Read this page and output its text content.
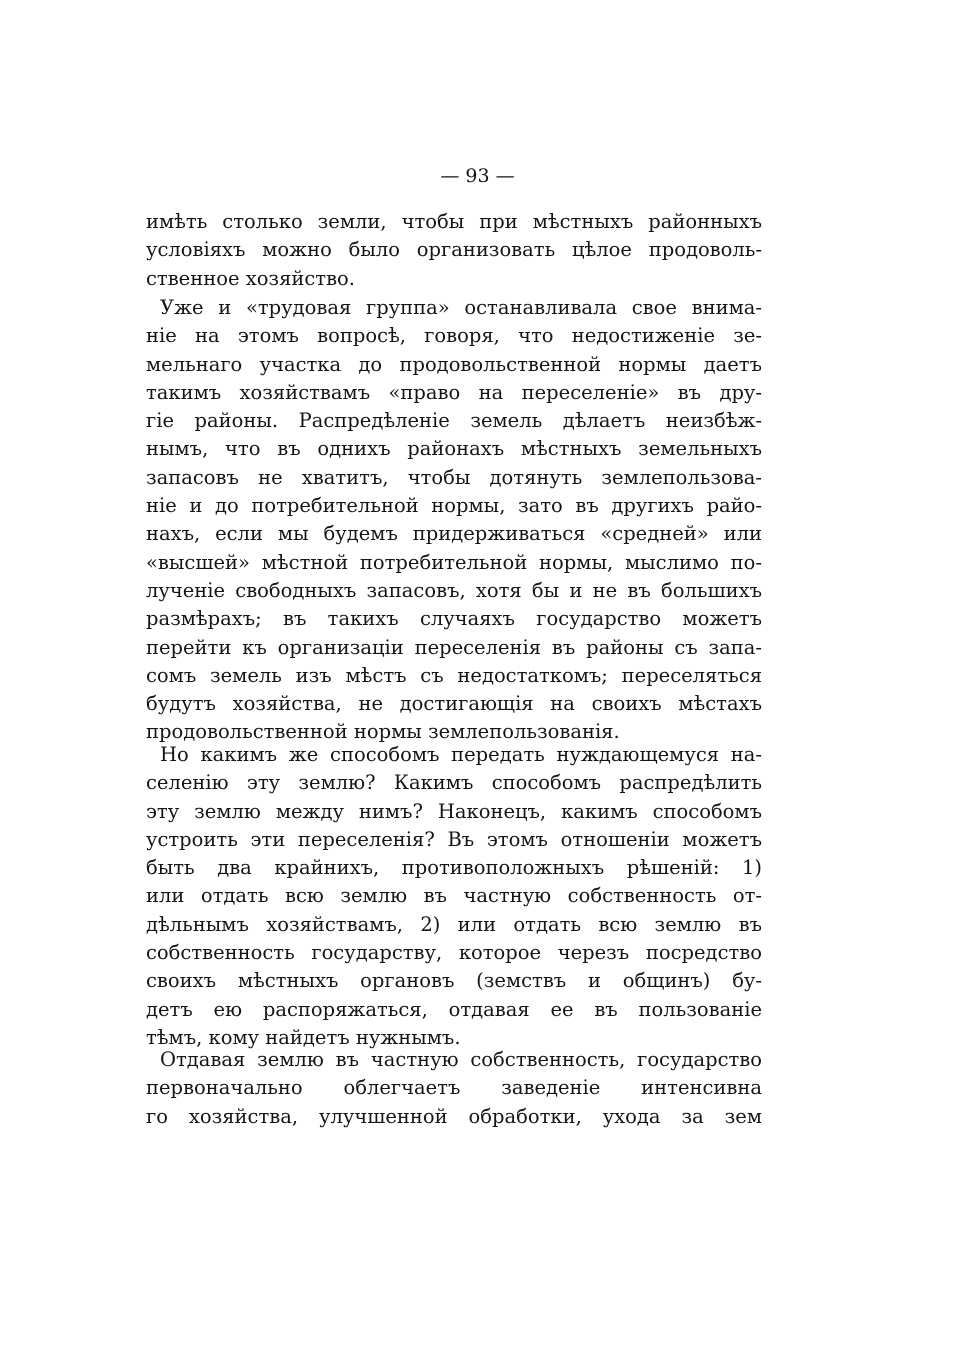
— 93 —
имѣть столько земли, чтобы при мѣстныхъ районныхъ
условіяхъ можно было организовать цѣлое продоволь-
ственное хозяйство.
Уже и «трудовая группа» останавливала свое внима-
ніе на этомъ вопросѣ, говоря, что недостиженіе зе-
мельнаго участка до продовольственной нормы даетъ
такимъ хозяйствамъ «право на переселеніе» въ дру-
гіе районы. Распредѣленіе земель дѣлаетъ неизбѣж-
нымъ, что въ однихъ районахъ мѣстныхъ земельныхъ
запасовъ не хватитъ, чтобы дотянуть землепользова-
ніе и до потребительной нормы, зато въ другихъ райо-
нахъ, если мы будемъ придерживаться «средней» или
«высшей» мѣстной потребительной нормы, мыслимо по-
лученіе свободныхъ запасовъ, хотя бы и не въ большихъ
размѣрахъ; въ такихъ случаяхъ государство можетъ
перейти къ организаціи переселенія въ районы съ запа-
сомъ земель изъ мѣстъ съ недостаткомъ; переселяться
будутъ хозяйства, не достигающія на своихъ мѣстахъ
продовольственной нормы землепользованія.
Но какимъ же способомъ передать нуждающемуся на-
селенію эту землю? Какимъ способомъ распредѣлить
эту землю между нимъ? Наконецъ, какимъ способомъ
устроить эти переселенія? Въ этомъ отношеніи можетъ
быть два крайнихъ, противоположныхъ рѣшеній: 1)
или отдать всю землю въ частную собственность от-
дѣльнымъ хозяйствамъ, 2) или отдать всю землю въ
собственность государству, которое черезъ посредство
своихъ мѣстныхъ органовъ (земствъ и общинъ) бу-
детъ ею распоряжаться, отдавая ее въ пользованіе
тѣмъ, кому найдетъ нужнымъ.
Отдавая землю въ частную собственность, государство
первоначально облегчаетъ заведеніе интенсивна
го хозяйства, улучшенной обработки, ухода за зем
